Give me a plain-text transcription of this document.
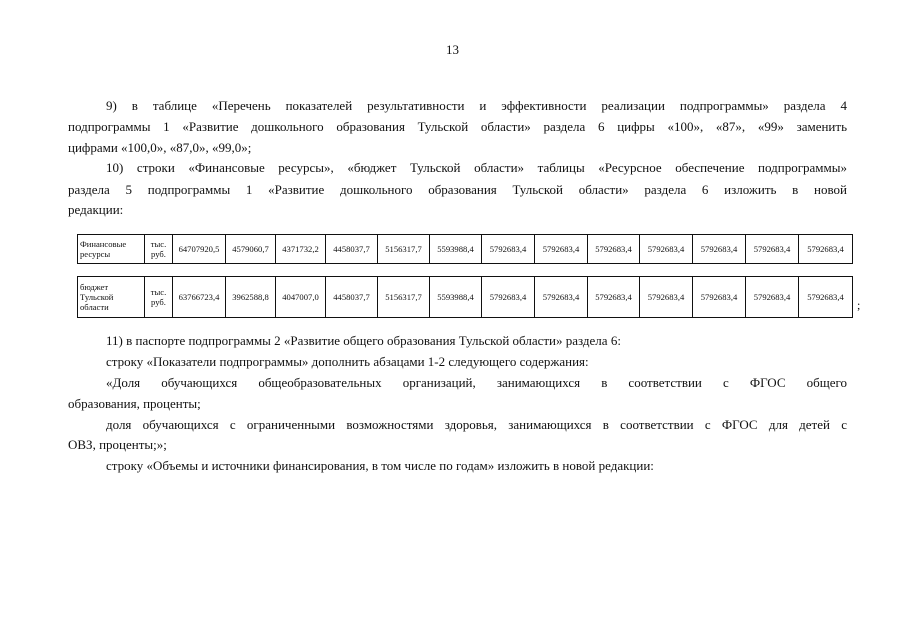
13
9) в таблице «Перечень показателей результативности и эффективности реализации подпрограммы» раздела 4
подпрограммы 1 «Развитие дошкольного образования Тульской области» раздела 6 цифры «100», «87», «99» заменить
цифрами «100,0», «87,0», «99,0»;
10) строки «Финансовые ресурсы», «бюджет Тульской области» таблицы «Ресурсное обеспечение подпрограммы»
раздела 5 подпрограммы 1 «Развитие дошкольного образования Тульской области» раздела 6 изложить в новой
редакции:
Финансовые ресурсы	тыс. руб.	64707920,5	4579060,7	4371732,2	4458037,7	5156317,7	5593988,4	5792683,4	5792683,4	5792683,4	5792683,4	5792683,4	5792683,4	5792683,4
бюджет Тульской области	тыс. руб.	63766723,4	3962588,8	4047007,0	4458037,7	5156317,7	5593988,4	5792683,4	5792683,4	5792683,4	5792683,4	5792683,4	5792683,4	5792683,4
;
11) в паспорте подпрограммы 2 «Развитие общего образования Тульской области» раздела 6:
строку «Показатели подпрограммы» дополнить абзацами 1-2 следующего содержания:
«Доля обучающихся общеобразовательных организаций, занимающихся в соответствии с ФГОС общего
образования, проценты;
доля обучающихся с ограниченными возможностями здоровья, занимающихся в соответствии с ФГОС для детей с
ОВЗ, проценты;»;
строку «Объемы и источники финансирования, в том числе по годам» изложить в новой редакции:
